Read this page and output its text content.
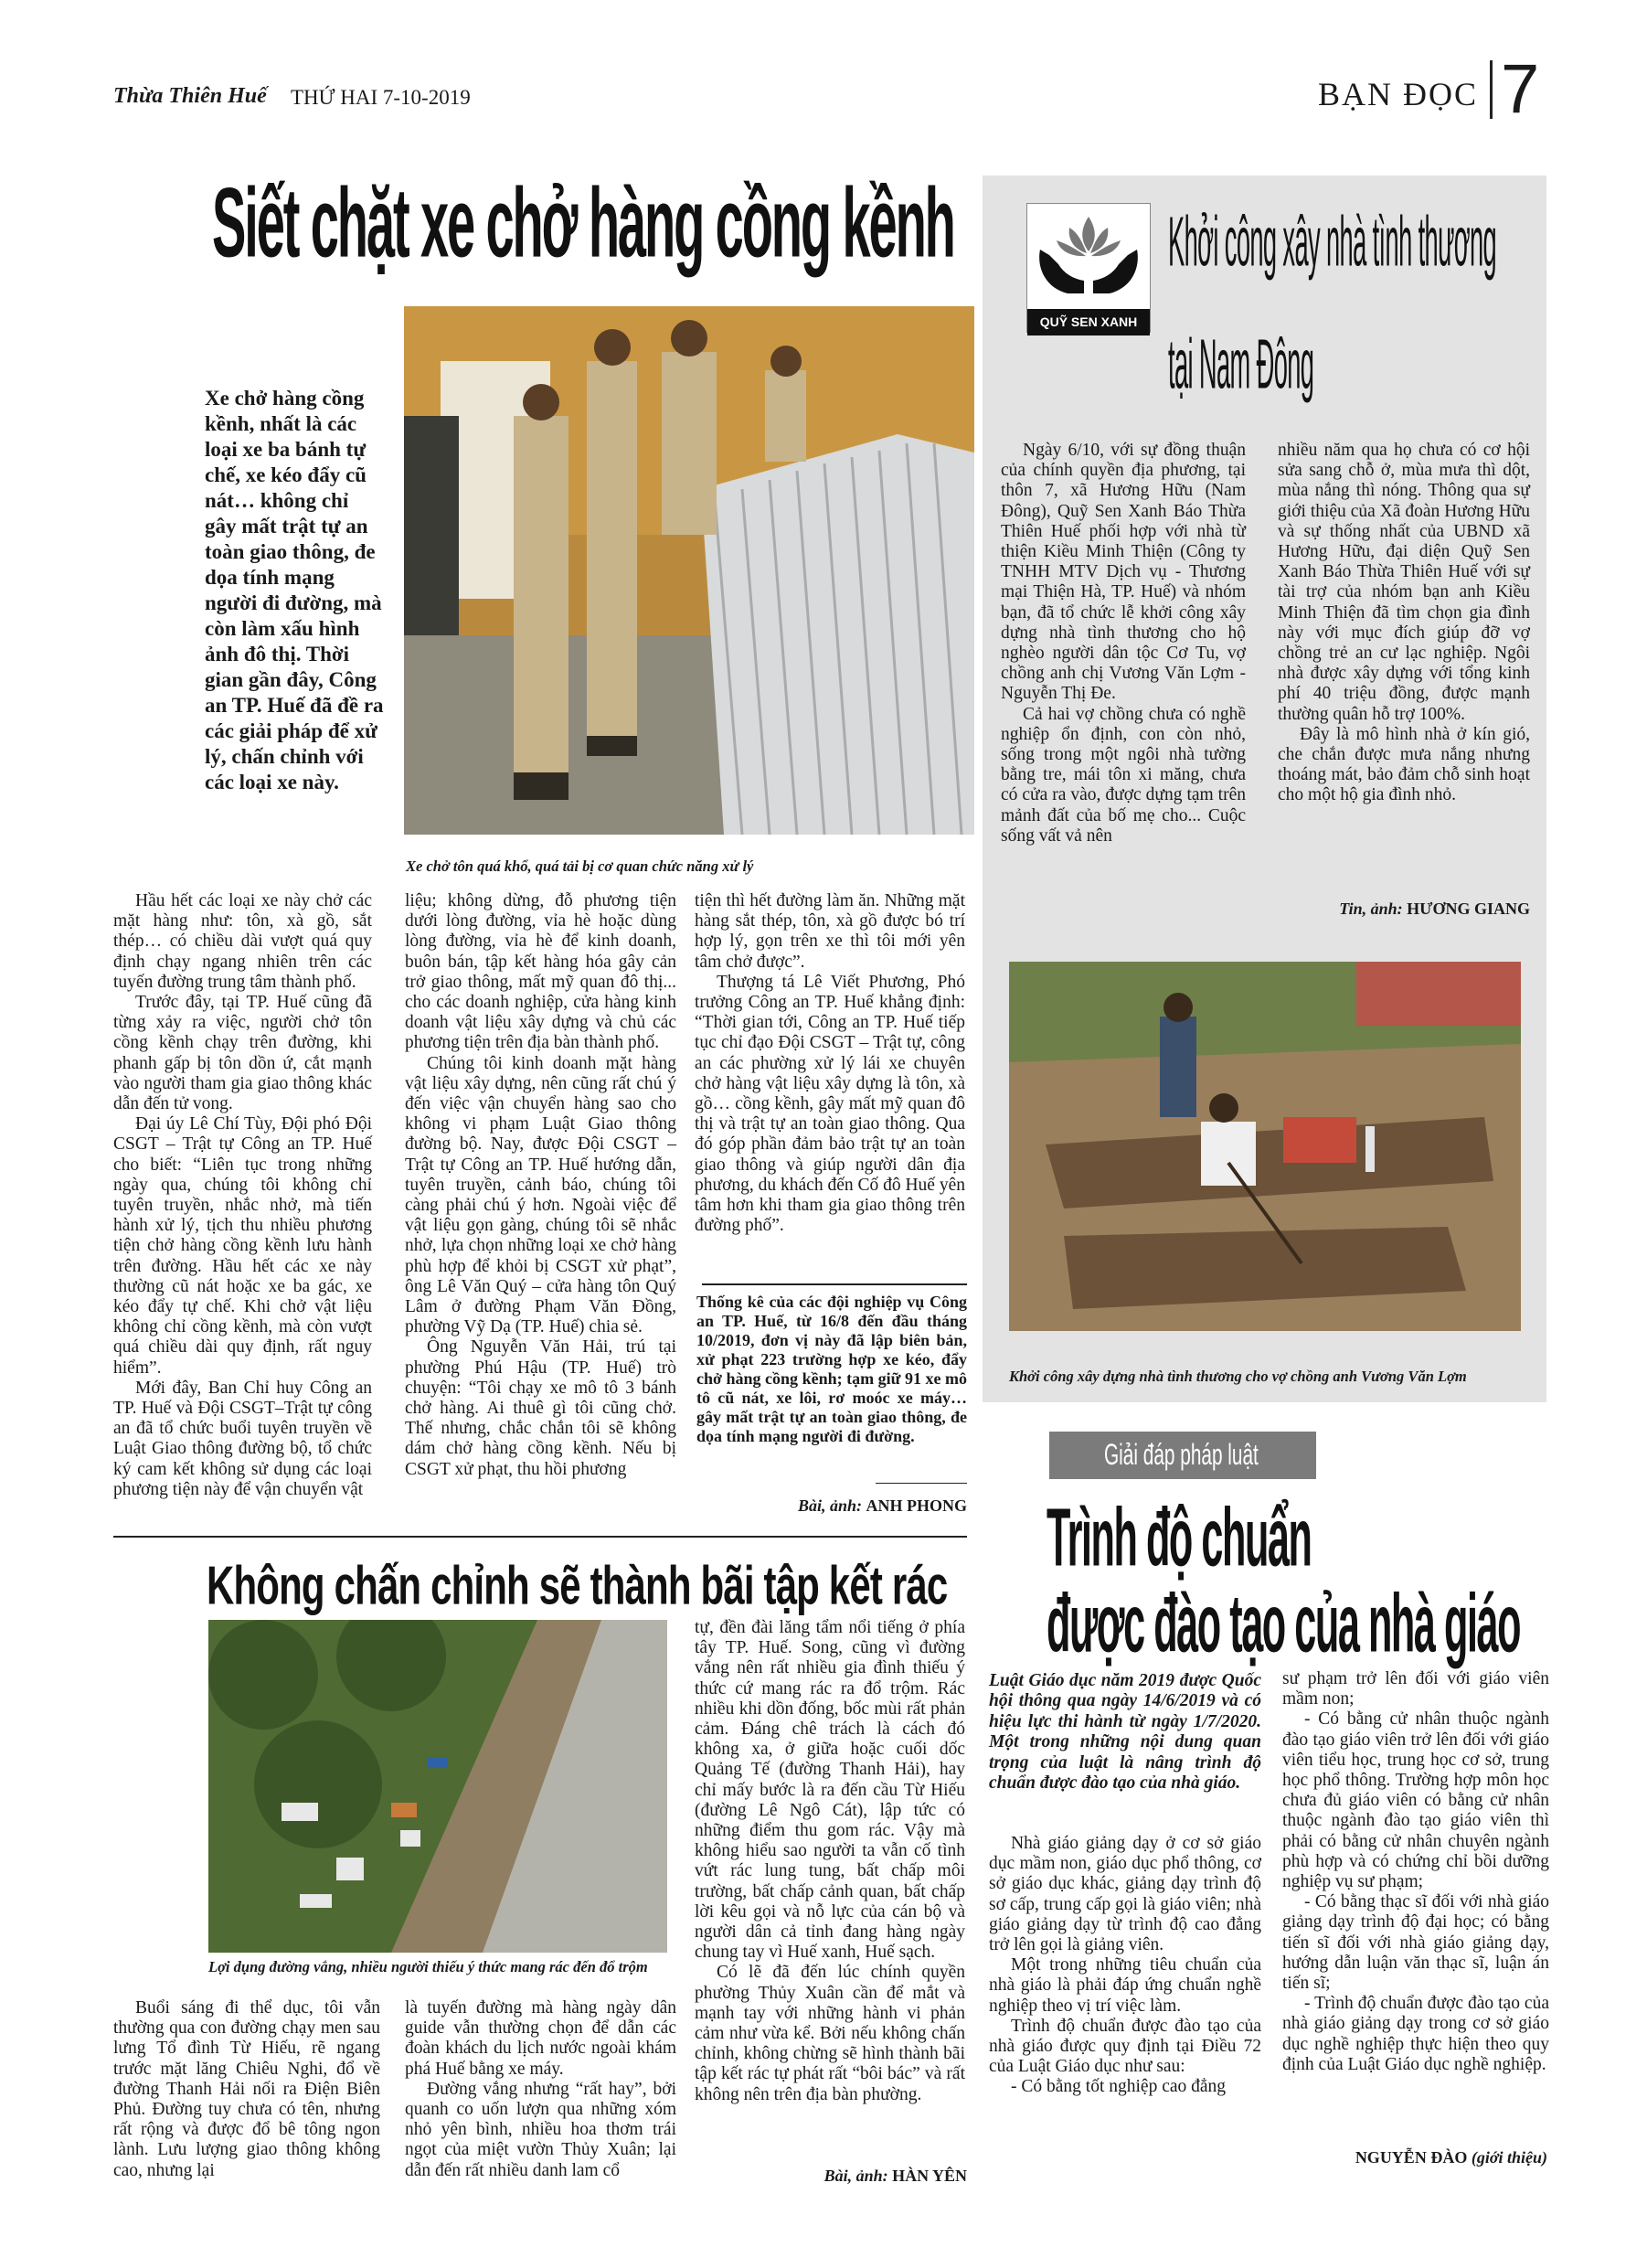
Thừa Thiên Huế THỨ HAI 7-10-2019	BẠN ĐỌC 7
Siết chặt xe chở hàng cồng kềnh
Xe chở hàng cồng kềnh, nhất là các loại xe ba bánh tự chế, xe kéo đẩy cũ nát… không chỉ gây mất trật tự an toàn giao thông, đe dọa tính mạng người đi đường, mà còn làm xấu hình ảnh đô thị. Thời gian gần đây, Công an TP. Huế đã đề ra các giải pháp để xử lý, chấn chỉnh với các loại xe này.
Xe chở tôn quá khổ, quá tải bị cơ quan chức năng xử lý

Hầu hết các loại xe này chở các mặt hàng như: tôn, xà gồ, sắt thép… có chiều dài vượt quá quy định chạy ngang nhiên trên các tuyến đường trung tâm thành phố.

Trước đây, tại TP. Huế cũng đã từng xảy ra việc, người chở tôn cồng kềnh chạy trên đường, khi phanh gấp bị tôn dồn ứ, cắt mạnh vào người tham gia giao thông khác dẫn đến tử vong.

Đại úy Lê Chí Tùy, Đội phó Đội CSGT – Trật tự Công an TP. Huế cho biết: “Liên tục trong những ngày qua, chúng tôi không chỉ tuyên truyền, nhắc nhở, mà tiến hành xử lý, tịch thu nhiều phương tiện chở hàng cồng kềnh lưu hành trên đường. Hầu hết các xe này thường cũ nát hoặc xe ba gác, xe kéo đẩy tự chế. Khi chở vật liệu không chỉ cồng kềnh, mà còn vượt quá chiều dài quy định, rất nguy hiểm”.

Mới đây, Ban Chỉ huy Công an TP. Huế và Đội CSGT–Trật tự công an đã tổ chức buổi tuyên truyền về Luật Giao thông đường bộ, tổ chức ký cam kết không sử dụng các loại phương tiện này để vận chuyển vật

liệu; không dừng, đỗ phương tiện dưới lòng đường, vỉa hè hoặc dùng lòng đường, vỉa hè để kinh doanh, buôn bán, tập kết hàng hóa gây cản trở giao thông, mất mỹ quan đô thị... cho các doanh nghiệp, cửa hàng kinh doanh vật liệu xây dựng và chủ các phương tiện trên địa bàn thành phố.

Chúng tôi kinh doanh mặt hàng vật liệu xây dựng, nên cũng rất chú ý đến việc vận chuyển hàng sao cho không vi phạm Luật Giao thông đường bộ. Nay, được Đội CSGT – Trật tự Công an TP. Huế hướng dẫn, tuyên truyền, cảnh báo, chúng tôi càng phải chú ý hơn. Ngoài việc để vật liệu gọn gàng, chúng tôi sẽ nhắc nhở, lựa chọn những loại xe chở hàng phù hợp để khỏi bị CSGT xử phạt”, ông Lê Văn Quý – cửa hàng tôn Quý Lâm ở đường Phạm Văn Đồng, phường Vỹ Dạ (TP. Huế) chia sẻ.

Ông Nguyễn Văn Hải, trú tại phường Phú Hậu (TP. Huế) trò chuyện: “Tôi chạy xe mô tô 3 bánh chở hàng. Ai thuê gì tôi cũng chở. Thế nhưng, chắc chắn tôi sẽ không dám chở hàng cồng kềnh. Nếu bị CSGT xử phạt, thu hồi phương

tiện thì hết đường làm ăn. Những mặt hàng sắt thép, tôn, xà gồ được bó trí hợp lý, gọn trên xe thì tôi mới yên tâm chở được”.

Thượng tá Lê Viết Phương, Phó trưởng Công an TP. Huế khẳng định: “Thời gian tới, Công an TP. Huế tiếp tục chỉ đạo Đội CSGT – Trật tự, công an các phường xử lý lái xe chuyên chở hàng vật liệu xây dựng là tôn, xà gồ… cồng kềnh, gây mất mỹ quan đô thị và trật tự an toàn giao thông. Qua đó góp phần đảm bảo trật tự an toàn giao thông và giúp người dân địa phương, du khách đến Cố đô Huế yên tâm hơn khi tham gia giao thông trên đường phố”.

Thống kê của các đội nghiệp vụ Công an TP. Huế, từ 16/8 đến đầu tháng 10/2019, đơn vị này đã lập biên bản, xử phạt 223 trường hợp xe kéo, đẩy chở hàng cồng kềnh; tạm giữ 91 xe mô tô cũ nát, xe lôi, rơ moóc xe máy… gây mất trật tự an toàn giao thông, đe dọa tính mạng người đi đường.
Bài, ảnh: ANH PHONG
QUỸ SEN XANH
Khởi công xây nhà tình thương
tại Nam Đông

Ngày 6/10, với sự đồng thuận của chính quyền địa phương, tại thôn 7, xã Hương Hữu (Nam Đông), Quỹ Sen Xanh Báo Thừa Thiên Huế phối hợp với nhà từ thiện Kiều Minh Thiện (Công ty TNHH MTV Dịch vụ - Thương mại Thiện Hà, TP. Huế) và nhóm bạn, đã tổ chức lễ khởi công xây dựng nhà tình thương cho hộ nghèo người dân tộc Cơ Tu, vợ chồng anh chị Vương Văn Lợm - Nguyễn Thị Đe.

Cả hai vợ chồng chưa có nghề nghiệp ổn định, con còn nhỏ, sống trong một ngôi nhà tường bằng tre, mái tôn xi măng, chưa có cửa ra vào, được dựng tạm trên mảnh đất của bố mẹ cho... Cuộc sống vất vả nên

nhiều năm qua họ chưa có cơ hội sửa sang chỗ ở, mùa mưa thì dột, mùa nắng thì nóng. Thông qua sự giới thiệu của Xã đoàn Hương Hữu và sự thống nhất của UBND xã Hương Hữu, đại diện Quỹ Sen Xanh Báo Thừa Thiên Huế với sự tài trợ của nhóm bạn anh Kiều Minh Thiện đã tìm chọn gia đình này với mục đích giúp đỡ vợ chồng trẻ an cư lạc nghiệp. Ngôi nhà được xây dựng với tổng kinh phí 40 triệu đồng, được mạnh thường quân hỗ trợ 100%.

Đây là mô hình nhà ở kín gió, che chắn được mưa nắng nhưng thoáng mát, bảo đảm chỗ sinh hoạt cho một hộ gia đình nhỏ.

Tin, ảnh: HƯƠNG GIANG
Khởi công xây dựng nhà tình thương cho vợ chồng anh Vương Văn Lợm
Không chấn chỉnh sẽ thành bãi tập kết rác
Lợi dụng đường vắng, nhiều người thiếu ý thức mang rác đến đổ trộm

Buổi sáng đi thể dục, tôi vẫn thường qua con đường chạy men sau lưng Tổ đình Từ Hiếu, rẽ ngang trước mặt lăng Chiêu Nghi, đổ về đường Thanh Hải nối ra Điện Biên Phủ. Đường tuy chưa có tên, nhưng rất rộng và được đổ bê tông ngon lành. Lưu lượng giao thông không cao, nhưng lại

là tuyến đường mà hàng ngày dân guide vẫn thường chọn để dẫn các đoàn khách du lịch nước ngoài khám phá Huế bằng xe máy.

Đường vắng nhưng “rất hay”, bởi quanh co uốn lượn qua những xóm nhỏ yên bình, nhiều hoa thơm trái ngọt của miệt vườn Thủy Xuân; lại dẫn đến rất nhiều danh lam cổ

tự, đền đài lăng tẩm nổi tiếng ở phía tây TP. Huế. Song, cũng vì đường vắng nên rất nhiều gia đình thiếu ý thức cứ mang rác ra đổ trộm. Rác nhiều khi dồn đống, bốc mùi rất phản cảm. Đáng chê trách là cách đó không xa, ở giữa hoặc cuối dốc Quảng Tế (đường Thanh Hải), hay chỉ mấy bước là ra đến cầu Từ Hiếu (đường Lê Ngô Cát), lập tức có những điểm thu gom rác. Vậy mà không hiểu sao người ta vẫn cố tình vứt rác lung tung, bất chấp môi trường, bất chấp cảnh quan, bất chấp lời kêu gọi và nỗ lực của cán bộ và người dân cả tỉnh đang hàng ngày chung tay vì Huế xanh, Huế sạch.

Có lẽ đã đến lúc chính quyền phường Thủy Xuân cần để mắt và mạnh tay với những hành vi phản cảm như vừa kể. Bởi nếu không chấn chỉnh, không chừng sẽ hình thành bãi tập kết rác tự phát rất “bôi bác” và rất không nên trên địa bàn phường.

Bài, ảnh: HÀN YÊN
Giải đáp pháp luật
Trình độ chuẩn
được đào tạo của nhà giáo
Luật Giáo dục năm 2019 được Quốc hội thông qua ngày 14/6/2019 và có hiệu lực thi hành từ ngày 1/7/2020. Một trong những nội dung quan trọng của luật là nâng trình độ chuẩn được đào tạo của nhà giáo.

Nhà giáo giảng dạy ở cơ sở giáo dục mầm non, giáo dục phổ thông, cơ sở giáo dục khác, giảng dạy trình độ sơ cấp, trung cấp gọi là giáo viên; nhà giáo giảng dạy từ trình độ cao đẳng trở lên gọi là giảng viên.

Một trong những tiêu chuẩn của nhà giáo là phải đáp ứng chuẩn nghề nghiệp theo vị trí việc làm.

Trình độ chuẩn được đào tạo của nhà giáo được quy định tại Điều 72 của Luật Giáo dục như sau:

- Có bằng tốt nghiệp cao đẳng

sư phạm trở lên đối với giáo viên mầm non;

- Có bằng cử nhân thuộc ngành đào tạo giáo viên trở lên đối với giáo viên tiểu học, trung học cơ sở, trung học phổ thông. Trường hợp môn học chưa đủ giáo viên có bằng cử nhân thuộc ngành đào tạo giáo viên thì phải có bằng cử nhân chuyên ngành phù hợp và có chứng chỉ bồi dưỡng nghiệp vụ sư phạm;

- Có bằng thạc sĩ đối với nhà giáo giảng dạy trình độ đại học; có bằng tiến sĩ đối với nhà giáo giảng dạy, hướng dẫn luận văn thạc sĩ, luận án tiến sĩ;

- Trình độ chuẩn được đào tạo của nhà giáo giảng dạy trong cơ sở giáo dục nghề nghiệp thực hiện theo quy định của Luật Giáo dục nghề nghiệp.

NGUYỄN ĐÀO (giới thiệu)
